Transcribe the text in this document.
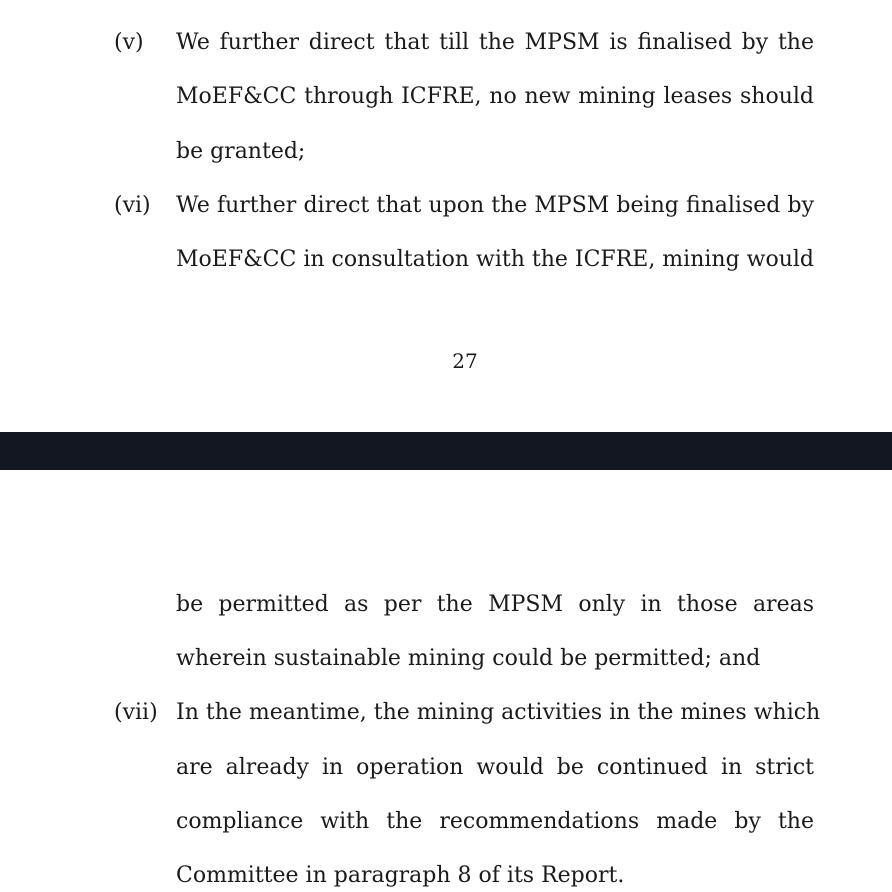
(v) We further direct that till the MPSM is finalised by the
MoEF&CC through ICFRE, no new mining leases should
be granted;
(vi) We further direct that upon the MPSM being finalised by
MoEF&CC in consultation with the ICFRE, mining would
27
be permitted as per the MPSM only in those areas
wherein sustainable mining could be permitted; and
(vii) In the meantime, the mining activities in the mines which
are already in operation would be continued in strict
compliance with the recommendations made by the
Committee in paragraph 8 of its Report.
